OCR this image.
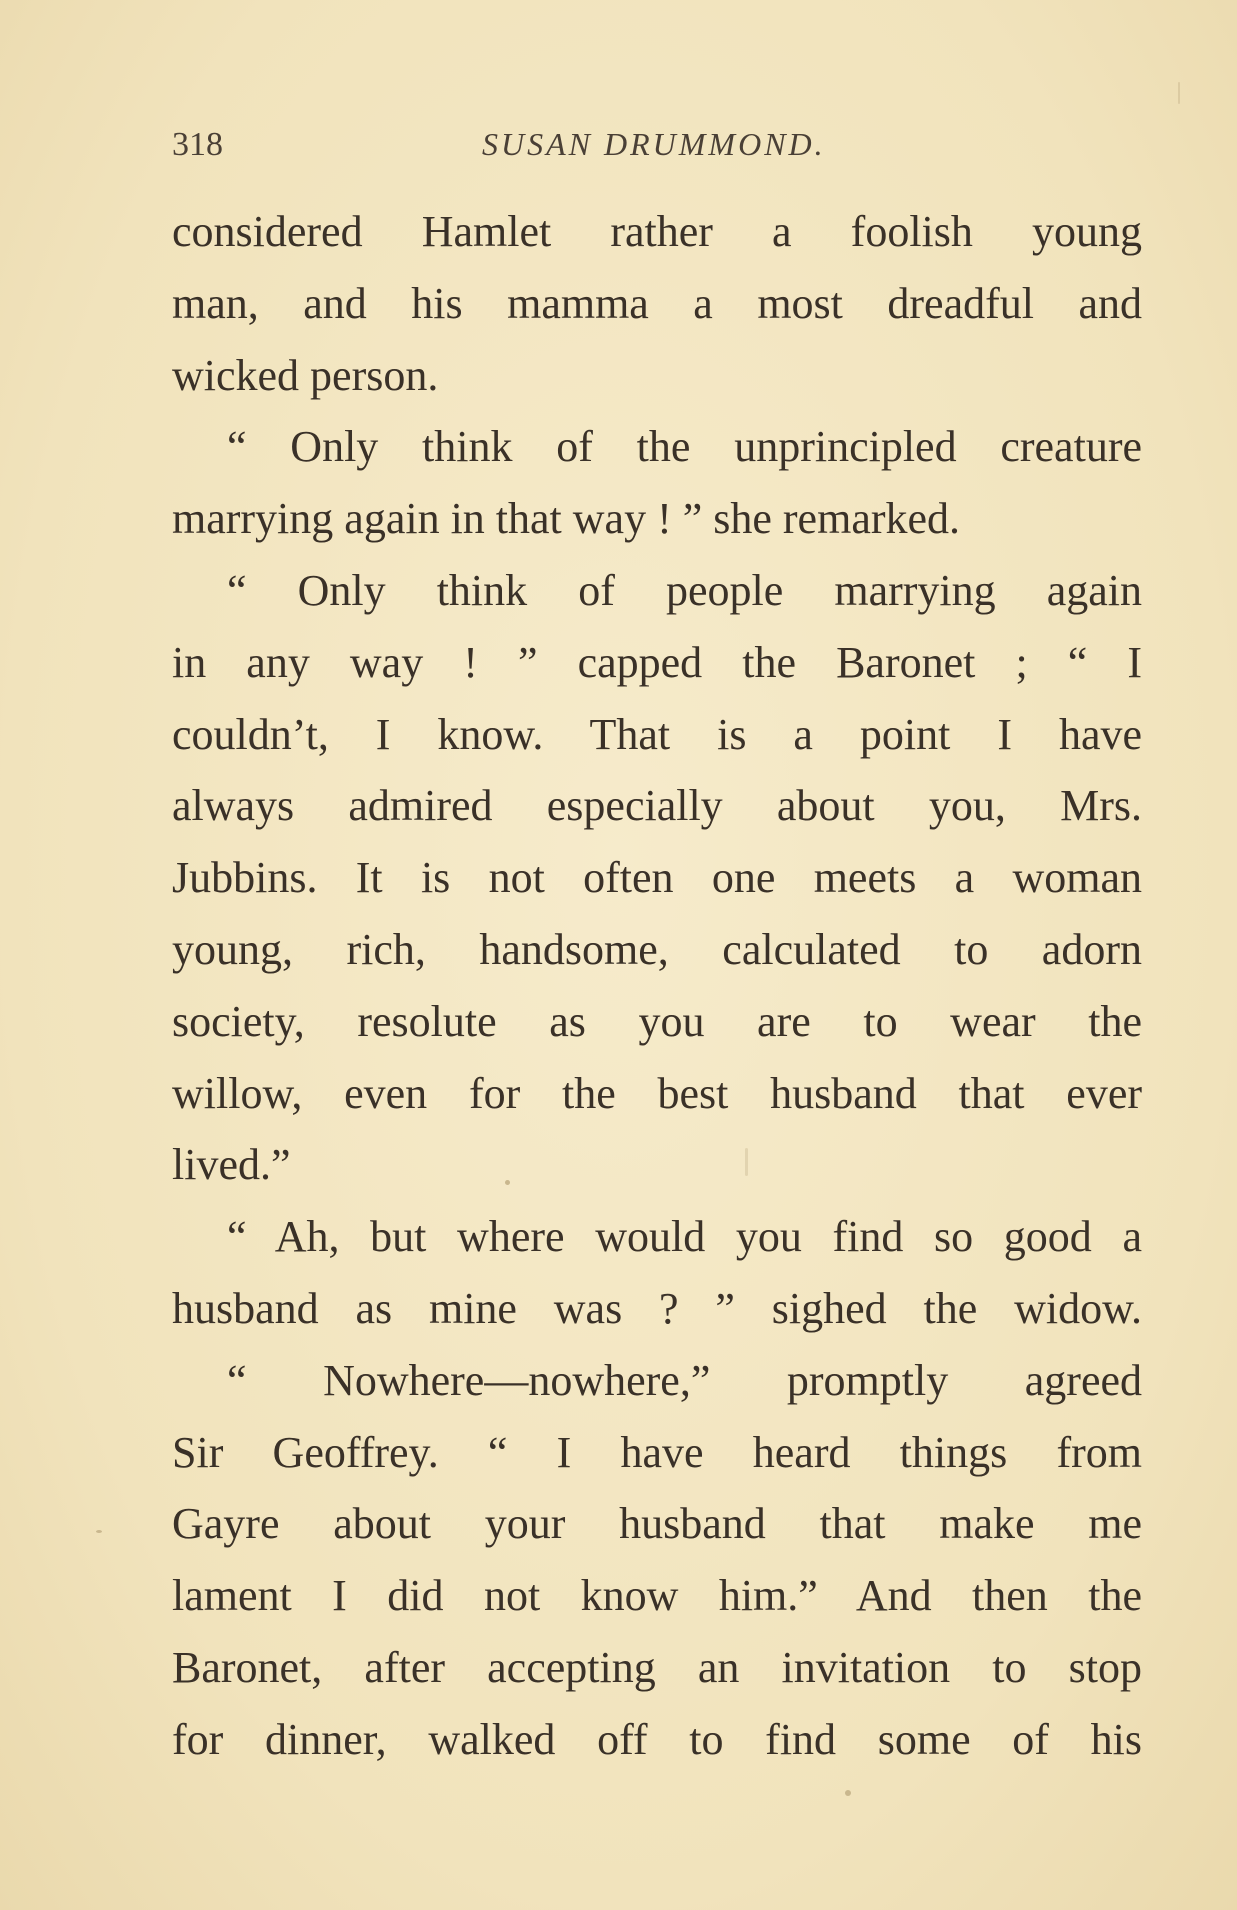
318	SUSAN DRUMMOND.
considered Hamlet rather a foolish young
man, and his mamma a most dreadful and
wicked person.
“ Only think of the unprincipled creature
marrying again in that way ! ” she remarked.
“ Only think of people marrying again
in any way ! ” capped the Baronet ; “ I
couldn’t, I know. That is a point I have
always admired especially about you, Mrs.
Jubbins. It is not often one meets a woman
young, rich, handsome, calculated to adorn
society, resolute as you are to wear the
willow, even for the best husband that ever
lived.”
“ Ah, but where would you find so good a
husband as mine was ? ” sighed the widow.
“ Nowhere—nowhere,” promptly agreed
Sir Geoffrey. “ I have heard things from
Gayre about your husband that make me
lament I did not know him.” And then the
Baronet, after accepting an invitation to stop
for dinner, walked off to find some of his
